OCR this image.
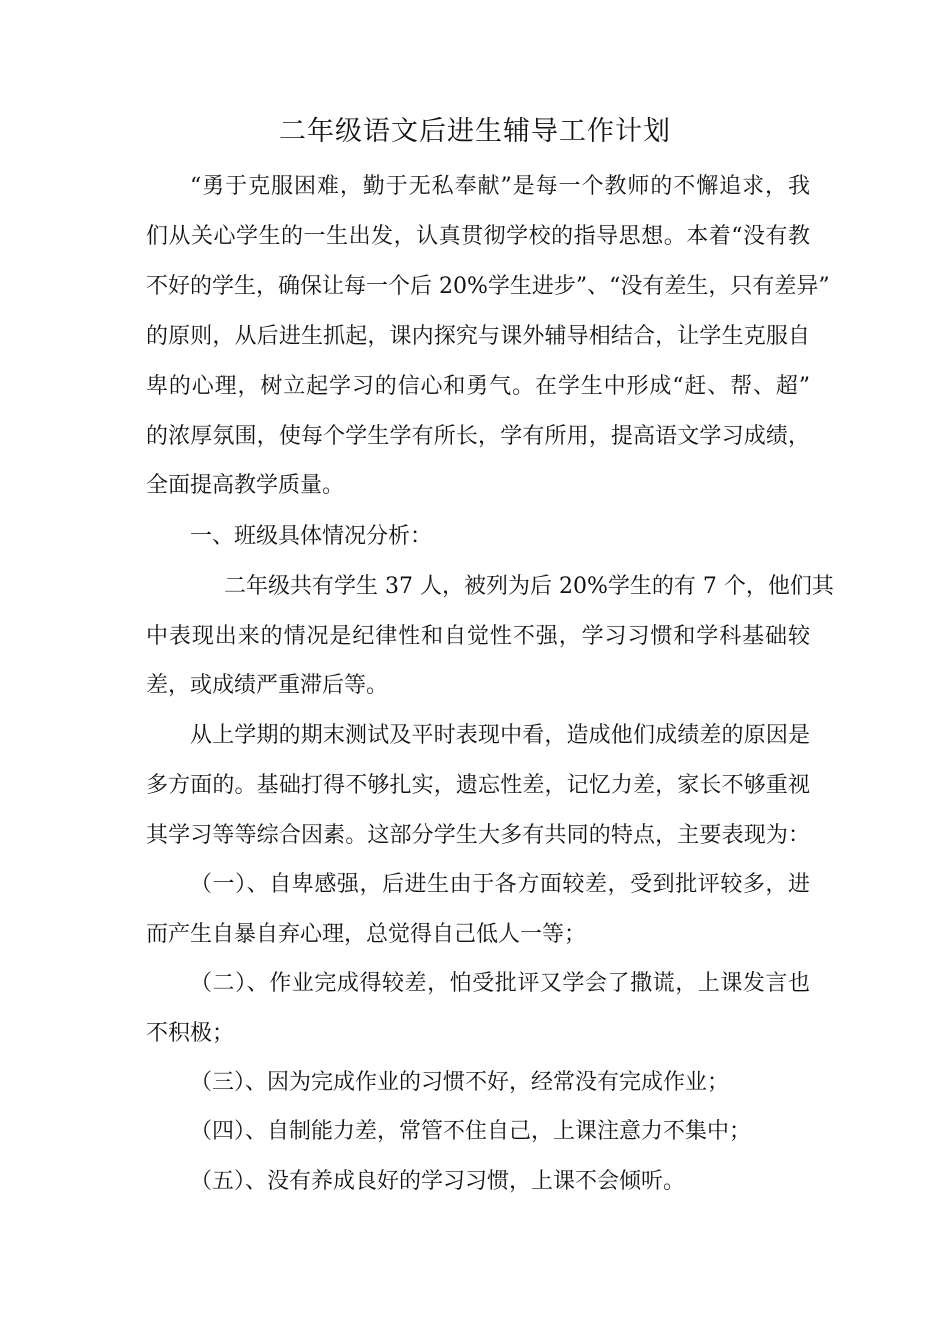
二年级语文后进生辅导工作计划

“勇于克服困难，勤于无私奉献”是每一个教师的不懈追求，我

们从关心学生的一生出发，认真贯彻学校的指导思想。本着“没有教

不好的学生，确保让每一个后 20%学生进步”、“没有差生，只有差异”

的原则，从后进生抓起，课内探究与课外辅导相结合，让学生克服自

卑的心理，树立起学习的信心和勇气。在学生中形成“赶、帮、超”

的浓厚氛围，使每个学生学有所长，学有所用，提高语文学习成绩，

全面提高教学质量。

一、班级具体情况分析：

二年级共有学生 37 人，被列为后 20%学生的有 7 个，他们其

中表现出来的情况是纪律性和自觉性不强，学习习惯和学科基础较

差，或成绩严重滞后等。

从上学期的期末测试及平时表现中看，造成他们成绩差的原因是

多方面的。基础打得不够扎实，遗忘性差，记忆力差，家长不够重视

其学习等等综合因素。这部分学生大多有共同的特点，主要表现为：

（一）、自卑感强，后进生由于各方面较差，受到批评较多，进

而产生自暴自弃心理，总觉得自己低人一等；

（二）、作业完成得较差，怕受批评又学会了撒谎，上课发言也

不积极；

（三）、因为完成作业的习惯不好，经常没有完成作业；

（四）、自制能力差，常管不住自己，上课注意力不集中；

（五）、没有养成良好的学习习惯，上课不会倾听。
